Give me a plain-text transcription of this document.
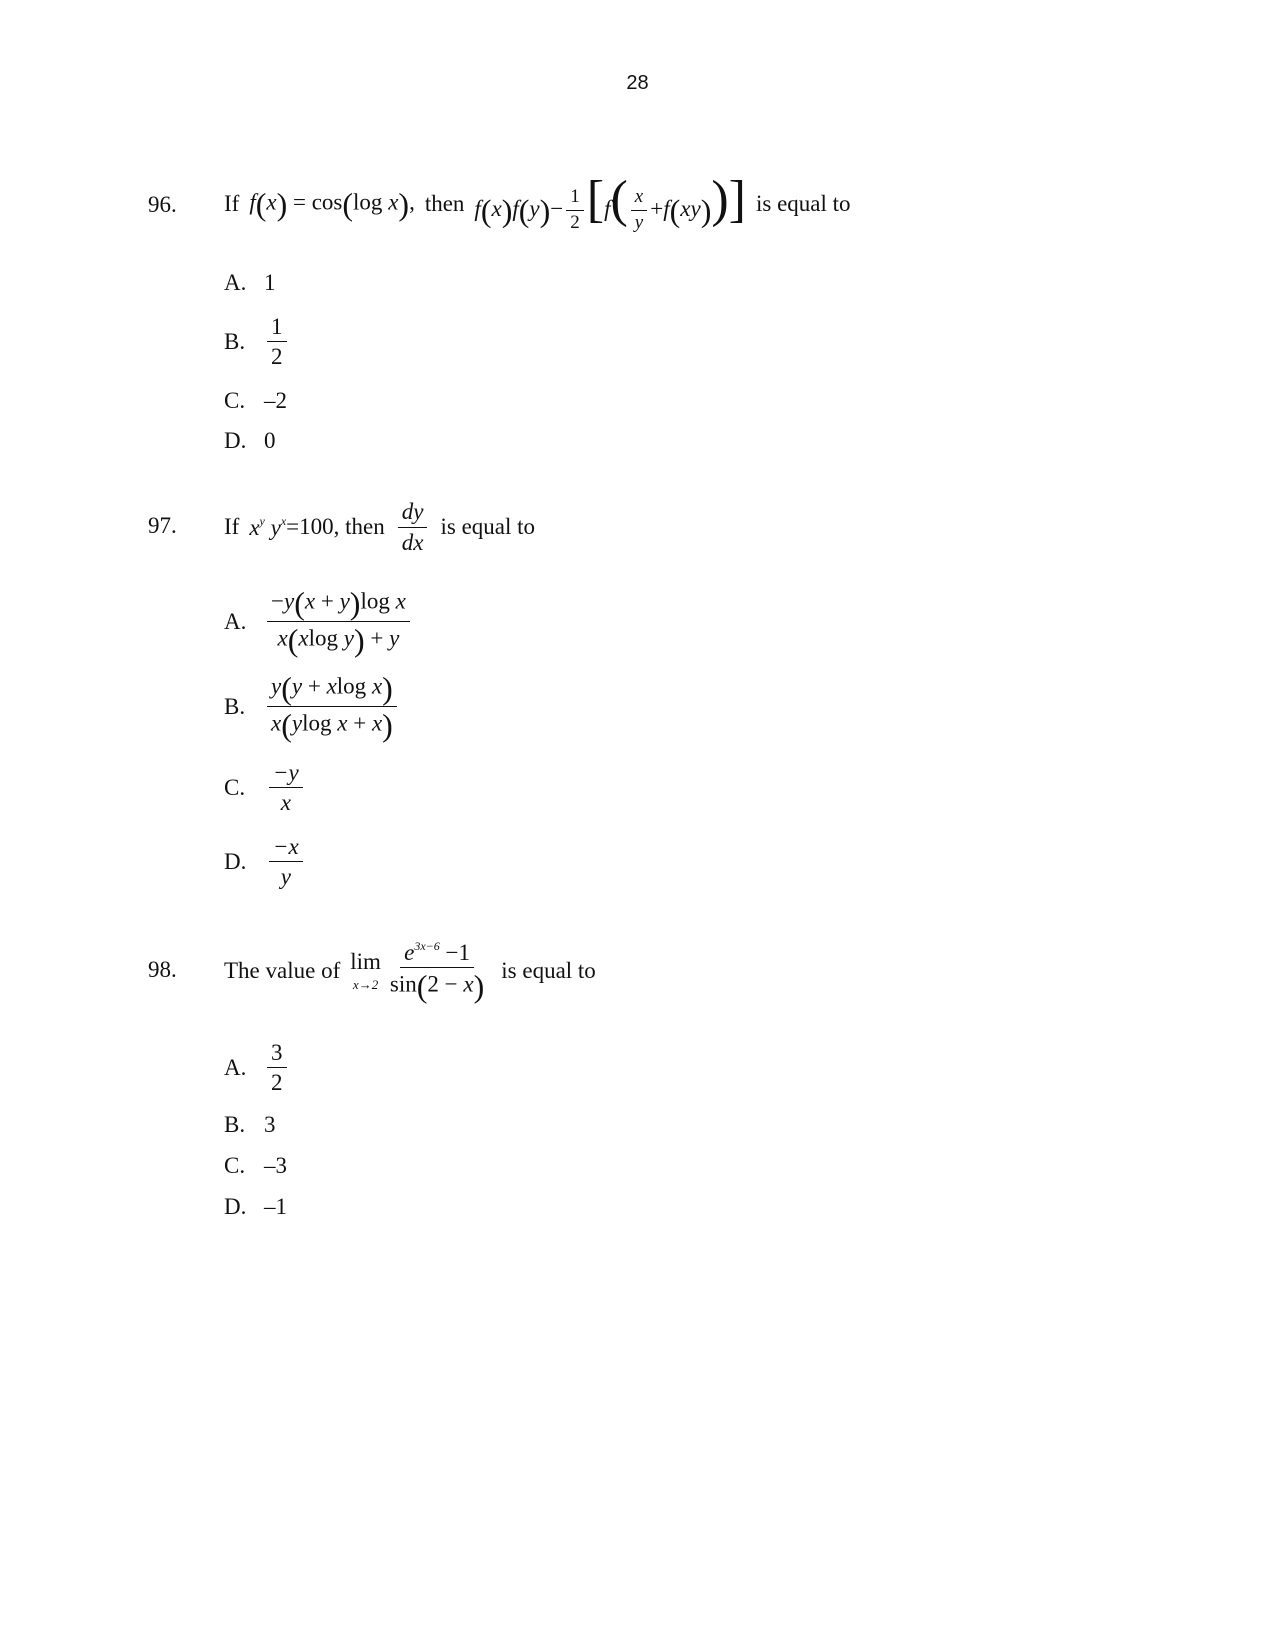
28
96. If f(x) = cos(log x), then $f(x)f(y)- \frac{1}{2} [f( \frac{x}{y} +f(xy))]$ is equal to
A. 1
B. $\frac{1}{2}$
C. –2
D. 0
97. If $x^y$ $y^x =100$ , then $\frac{dy}{dx}$ is equal to
A. $\frac{\text{−y(x + y)log x}}{\text{x(xlog y) + y}}$
B. $\frac{\text{y(y + xlog x)}}{\text{x(ylog x + x)}}$
C.	$\frac{-y}{x}$
D. $\frac{-x}{y}$
98. The value of lim
$x\to 2 \frac{e^{3x-6} -1}{\sin(2 - x)}$ is equal to
A. $\frac{3}{2}$
B. 3
C. –3
D. –1
